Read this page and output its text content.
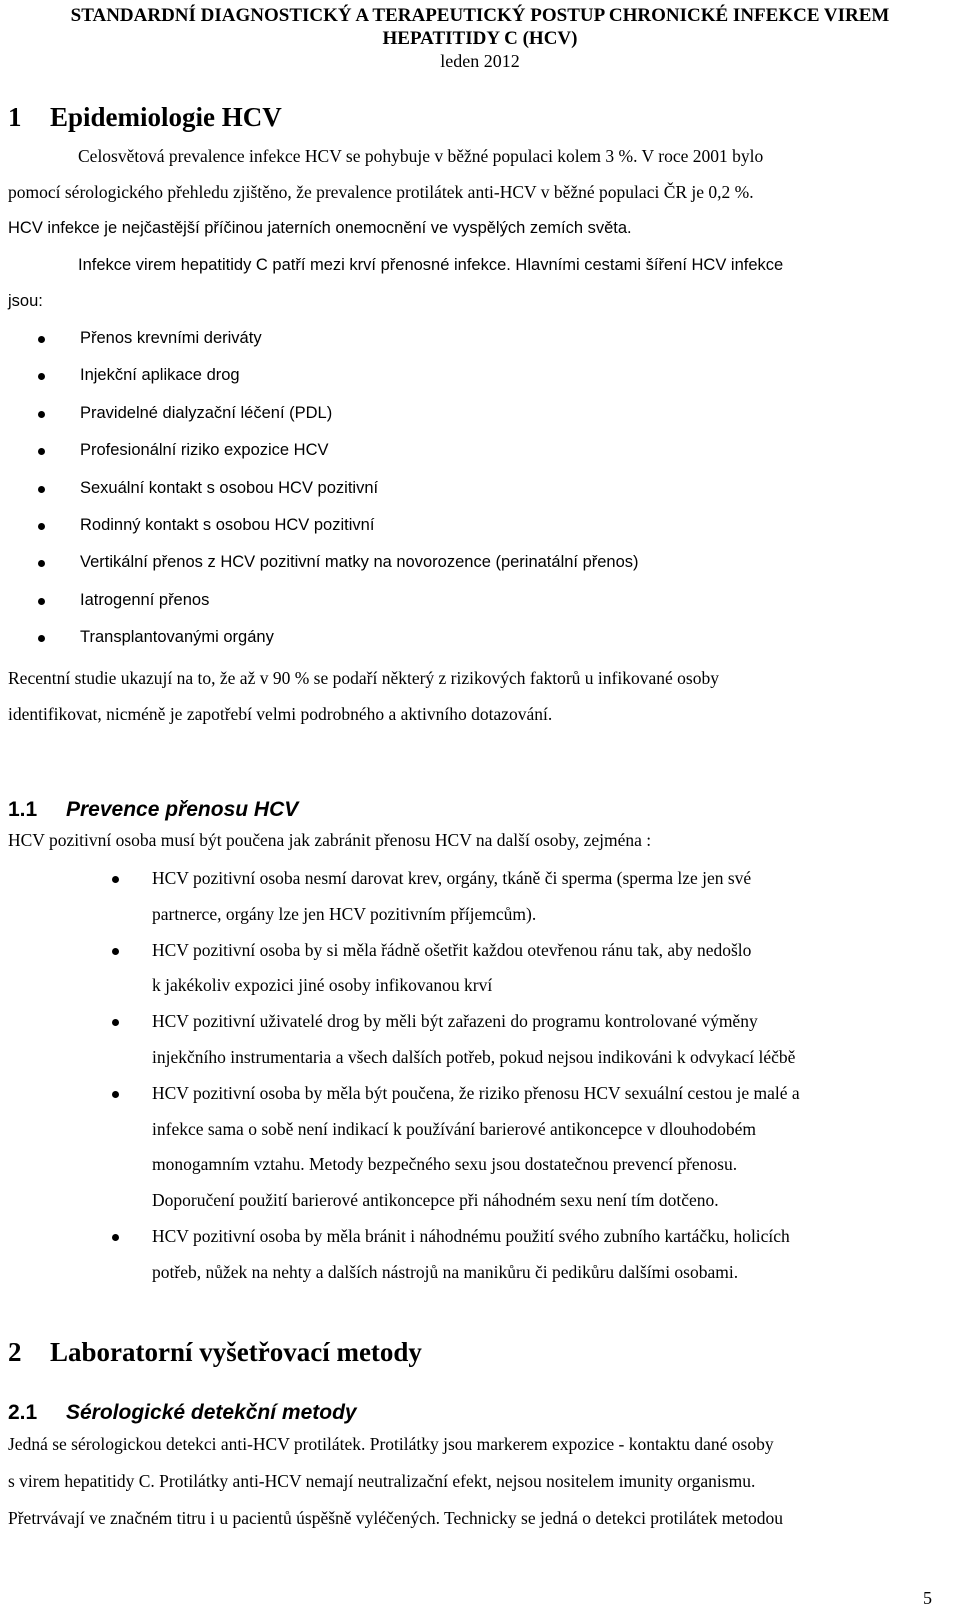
STANDARDNÍ DIAGNOSTICKÝ A TERAPEUTICKÝ POSTUP CHRONICKÉ INFEKCE VIREM
HEPATITIDY C (HCV)
leden 2012
1 Epidemiologie HCV
Celosvětová prevalence infekce HCV se pohybuje v běžné populaci kolem 3 %. V roce 2001 bylo
pomocí sérologického přehledu zjištěno, že prevalence protilátek anti-HCV v běžné populaci ČR je 0,2 %.
HCV infekce je nejčastější příčinou jaterních onemocnění ve vyspělých zemích světa.
Infekce virem hepatitidy C patří mezi krví přenosné infekce. Hlavními cestami šíření HCV infekce
jsou:
Přenos krevními deriváty
Injekční aplikace drog
Pravidelné dialyzační léčení (PDL)
Profesionální riziko expozice HCV
Sexuální kontakt s osobou HCV pozitivní
Rodinný kontakt s osobou HCV pozitivní
Vertikální přenos z HCV pozitivní matky na novorozence (perinatální přenos)
Iatrogenní přenos
Transplantovanými orgány
Recentní studie ukazují na to, že až v 90 % se podaří některý z rizikových faktorů u infikované osoby
identifikovat, nicméně je zapotřebí velmi podrobného a aktivního dotazování.
1.1 Prevence přenosu HCV
HCV pozitivní osoba musí být poučena jak zabránit přenosu HCV na další osoby, zejména :
HCV pozitivní osoba nesmí darovat krev, orgány, tkáně či sperma (sperma lze jen své
partnerce, orgány lze jen HCV pozitivním příjemcům).
HCV pozitivní osoba by si měla řádně ošetřit každou otevřenou ránu tak, aby nedošlo
k jakékoliv expozici jiné osoby infikovanou krví
HCV pozitivní uživatelé drog by měli být zařazeni do programu kontrolované výměny
injekčního instrumentaria a všech dalších potřeb, pokud nejsou indikováni k odvykací léčbě
HCV pozitivní osoba by měla být poučena, že riziko přenosu HCV sexuální cestou je malé a
infekce sama o sobě není indikací k používání barierové antikoncepce v dlouhodobém
monogamním vztahu. Metody bezpečného sexu jsou dostatečnou prevencí přenosu.
Doporučení použití barierové antikoncepce při náhodném sexu není tím dotčeno.
HCV pozitivní osoba by měla bránit i náhodnému použití svého zubního kartáčku, holicích
potřeb, nůžek na nehty a dalších nástrojů na manikůru či pedikůru dalšími osobami.
2 Laboratorní vyšetřovací metody
2.1 Sérologické detekční metody
Jedná se sérologickou detekci anti-HCV protilátek. Protilátky jsou markerem expozice - kontaktu dané osoby
s virem hepatitidy C. Protilátky anti-HCV nemají neutralizační efekt, nejsou nositelem imunity organismu.
Přetrvávají ve značném titru i u pacientů úspěšně vyléčených. Technicky se jedná o detekci protilátek metodou
5
